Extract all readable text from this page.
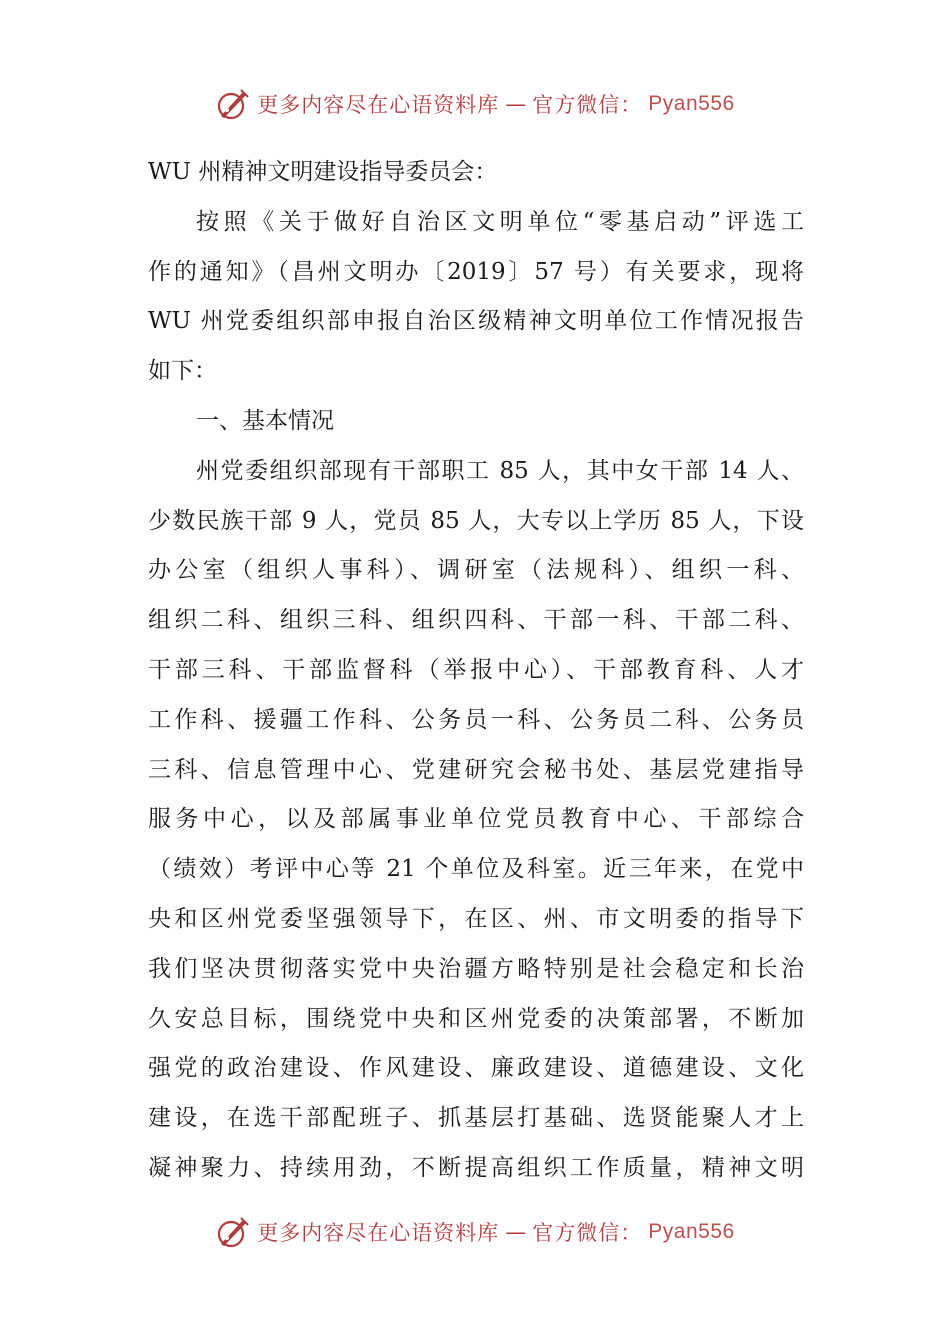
更多内容尽在心语资料库 — 官方微信： Pyan556
WU 州精神文明建设指导委员会：
按照《关于做好自治区文明单位“零基启动”评选工
作的通知》（昌州文明办〔2019〕57 号）有关要求，现将
WU 州党委组织部申报自治区级精神文明单位工作情况报告
如下：
一、基本情况
州党委组织部现有干部职工 85 人，其中女干部 14 人、
少数民族干部 9 人，党员 85 人，大专以上学历 85 人，下设
办公室（组织人事科）、调研室（法规科）、组织一科、
组织二科、组织三科、组织四科、干部一科、干部二科、
干部三科、干部监督科（举报中心）、干部教育科、人才
工作科、援疆工作科、公务员一科、公务员二科、公务员
三科、信息管理中心、党建研究会秘书处、基层党建指导
服务中心，以及部属事业单位党员教育中心、干部综合
（绩效）考评中心等 21 个单位及科室。近三年来，在党中
央和区州党委坚强领导下，在区、州、市文明委的指导下
我们坚决贯彻落实党中央治疆方略特别是社会稳定和长治
久安总目标，围绕党中央和区州党委的决策部署，不断加
强党的政治建设、作风建设、廉政建设、道德建设、文化
建设，在选干部配班子、抓基层打基础、选贤能聚人才上
凝神聚力、持续用劲，不断提高组织工作质量，精神文明
更多内容尽在心语资料库 — 官方微信： Pyan556
